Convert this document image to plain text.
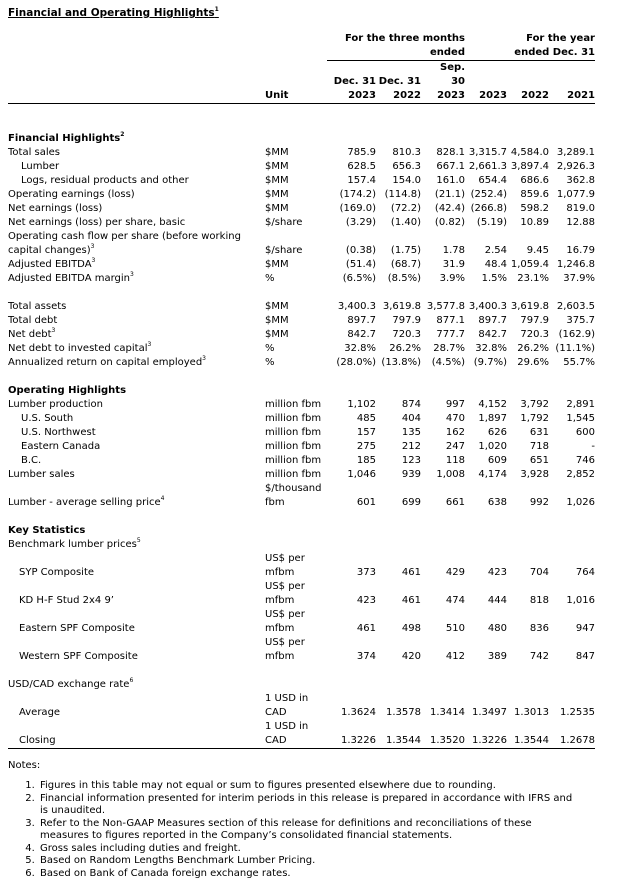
Financial and Operating Highlights$^1$
		For the three months ended			For the year ended Dec. 31		
				Sep.			
		Dec. 31	Dec. 31	30			
	Unit	2023	2022	2023	2023	2022	2021

Financial Highlights$^2$
Total sales	$MM	785.9	810.3	828.1	3,315.7	4,584.0	3,289.1
Lumber	$MM	628.5	656.3	667.1	2,661.3	3,897.4	2,926.3
Logs, residual products and other	$MM	157.4	154.0	161.0	654.4	686.6	362.8
Operating earnings (loss)	$MM	(174.2)	(114.8)	(21.1)	(252.4)	859.6	1,077.9
Net earnings (loss)	$MM	(169.0)	(72.2)	(42.4)	(266.8)	598.2	819.0
Net earnings (loss) per share, basic	$/share	(3.29)	(1.40)	(0.82)	(5.19)	10.89	12.88
Operating cash flow per share (before working capital changes)$^3$	$/share	(0.38)	(1.75)	1.78	2.54	9.45	16.79
Adjusted EBITDA$^3$	$MM	(51.4)	(68.7)	31.9	48.4	1,059.4	1,246.8
Adjusted EBITDA margin$^3$	%	(6.5%)	(8.5%)	3.9%	1.5%	23.1%	37.9%

Total assets	$MM	3,400.3	3,619.8	3,577.8	3,400.3	3,619.8	2,603.5
Total debt	$MM	897.7	797.9	877.1	897.7	797.9	375.7
Net debt$^3$	$MM	842.7	720.3	777.7	842.7	720.3	(162.9)
Net debt to invested capital$^3$	%	32.8%	26.2%	28.7%	32.8%	26.2%	(11.1%)
Annualized return on capital employed$^3$	%	(28.0%)	(13.8%)	(4.5%)	(9.7%)	29.6%	55.7%

Operating Highlights							
Lumber production	million fbm	1,102	874	997	4,152	3,792	2,891
U.S. South	million fbm	485	404	470	1,897	1,792	1,545
U.S. Northwest	million fbm	157	135	162	626	631	600
Eastern Canada	million fbm	275	212	247	1,020	718	-
B.C.	million fbm	185	123	118	609	651	746
Lumber sales	million fbm	1,046	939	1,008	4,174	3,928	2,852
Lumber - average selling price$^4$	$/thousand fbm	601	699	661	638	992	1,026

Key Statistics							
Benchmark lumber prices$^5$
SYP Composite	US$ per mfbm	373	461	429	423	704	764
KD H-F Stud 2x4 9’	US$ per mfbm	423	461	474	444	818	1,016
Eastern SPF Composite	US$ per mfbm	461	498	510	480	836	947
Western SPF Composite	US$ per mfbm	374	420	412	389	742	847

USD/CAD exchange rate$^6$
Average	1 USD in CAD	1.3624	1.3578	1.3414	1.3497	1.3013	1.2535
Closing	1 USD in CAD	1.3226	1.3544	1.3520	1.3226	1.3544	1.2678
Notes:
1. Figures in this table may not equal or sum to figures presented elsewhere due to rounding.
2. Financial information presented for interim periods in this release is prepared in accordance with IFRS and is unaudited.
3. Refer to the Non-GAAP Measures section of this release for definitions and reconciliations of these measures to figures reported in the Company’s consolidated financial statements.
4. Gross sales including duties and freight.
5. Based on Random Lengths Benchmark Lumber Pricing.
6. Based on Bank of Canada foreign exchange rates.
